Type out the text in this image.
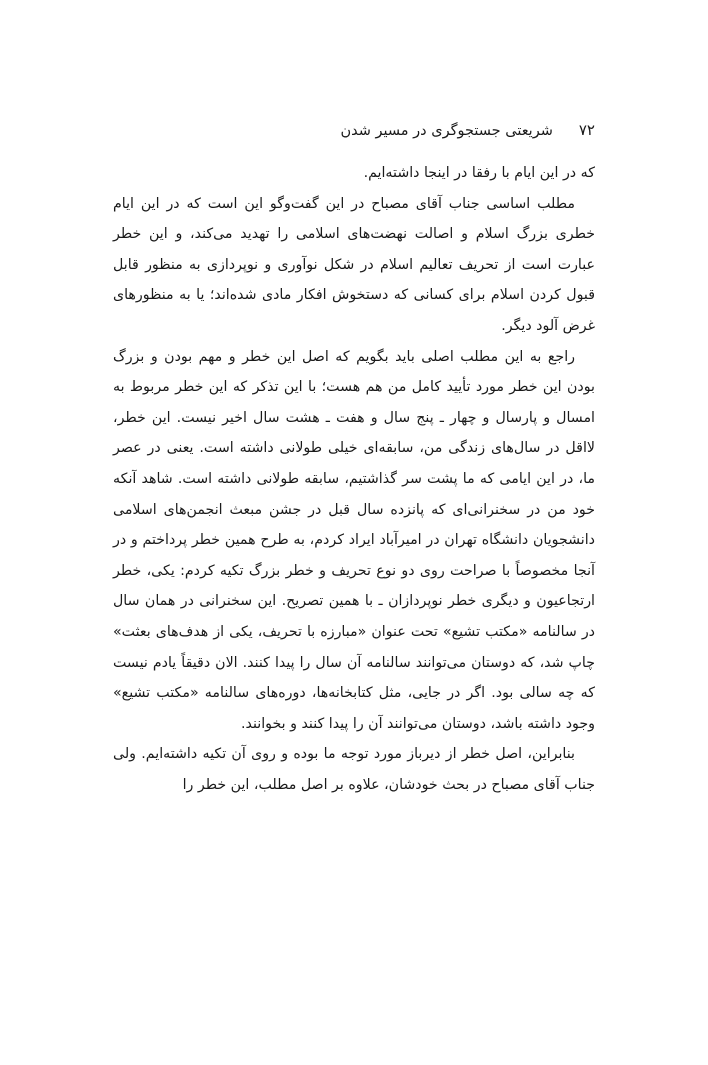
۷۲
شریعتی جستجوگری در مسیر شدن

که در این ایام با رفقا در اینجا داشته‌ایم.

مطلب اساسی جناب آقای مصباح در این گفت‌وگو این است که در این ایام خطری بزرگ اسلام و اصالت نهضت‌های اسلامی را تهدید می‌کند، و این خطر عبارت است از تحریف تعالیم اسلام در شکل نوآوری و نوپردازی به منظور قابل قبول کردن اسلام برای کسانی که دستخوش افکار مادی شده‌اند؛ یا به منظورهای غرض آلود دیگر.

راجع به این مطلب اصلی باید بگویم که اصل این خطر و مهم بودن و بزرگ بودن این خطر مورد تأیید کامل من هم هست؛ با این تذکر که این خطر مربوط به امسال و پارسال و چهار ـ پنج سال و هفت ـ هشت سال اخیر نیست. این خطر، لااقل در سال‌های زندگی من، سابقه‌ای خیلی طولانی داشته است. یعنی در عصر ما، در این ایامی که ما پشت سر گذاشتیم، سابقه طولانی داشته است. شاهد آنکه خود من در سخنرانی‌ای که پانزده سال قبل در جشن مبعث انجمن‌های اسلامی دانشجویان دانشگاه تهران در امیرآباد ایراد کردم، به طرح همین خطر پرداختم و در آنجا مخصوصاً با صراحت روی دو نوع تحریف و خطر بزرگ تکیه کردم: یکی، خطر ارتجاعیون و دیگری خطر نوپردازان ـ با همین تصریح. این سخنرانی در همان سال در سالنامه «مکتب تشیع» تحت عنوان «مبارزه با تحریف، یکی از هدف‌های بعثت» چاپ شد، که دوستان می‌توانند سالنامه آن سال را پیدا کنند. الان دقیقاً یادم نیست که چه سالی بود. اگر در جایی، مثل کتابخانه‌ها، دوره‌های سالنامه «مکتب تشیع» وجود داشته باشد، دوستان می‌توانند آن را پیدا کنند و بخوانند.

بنابراین، اصل خطر از دیرباز مورد توجه ما بوده و روی آن تکیه داشته‌ایم. ولی جناب آقای مصباح در بحث خودشان، علاوه بر اصل مطلب، این خطر را
